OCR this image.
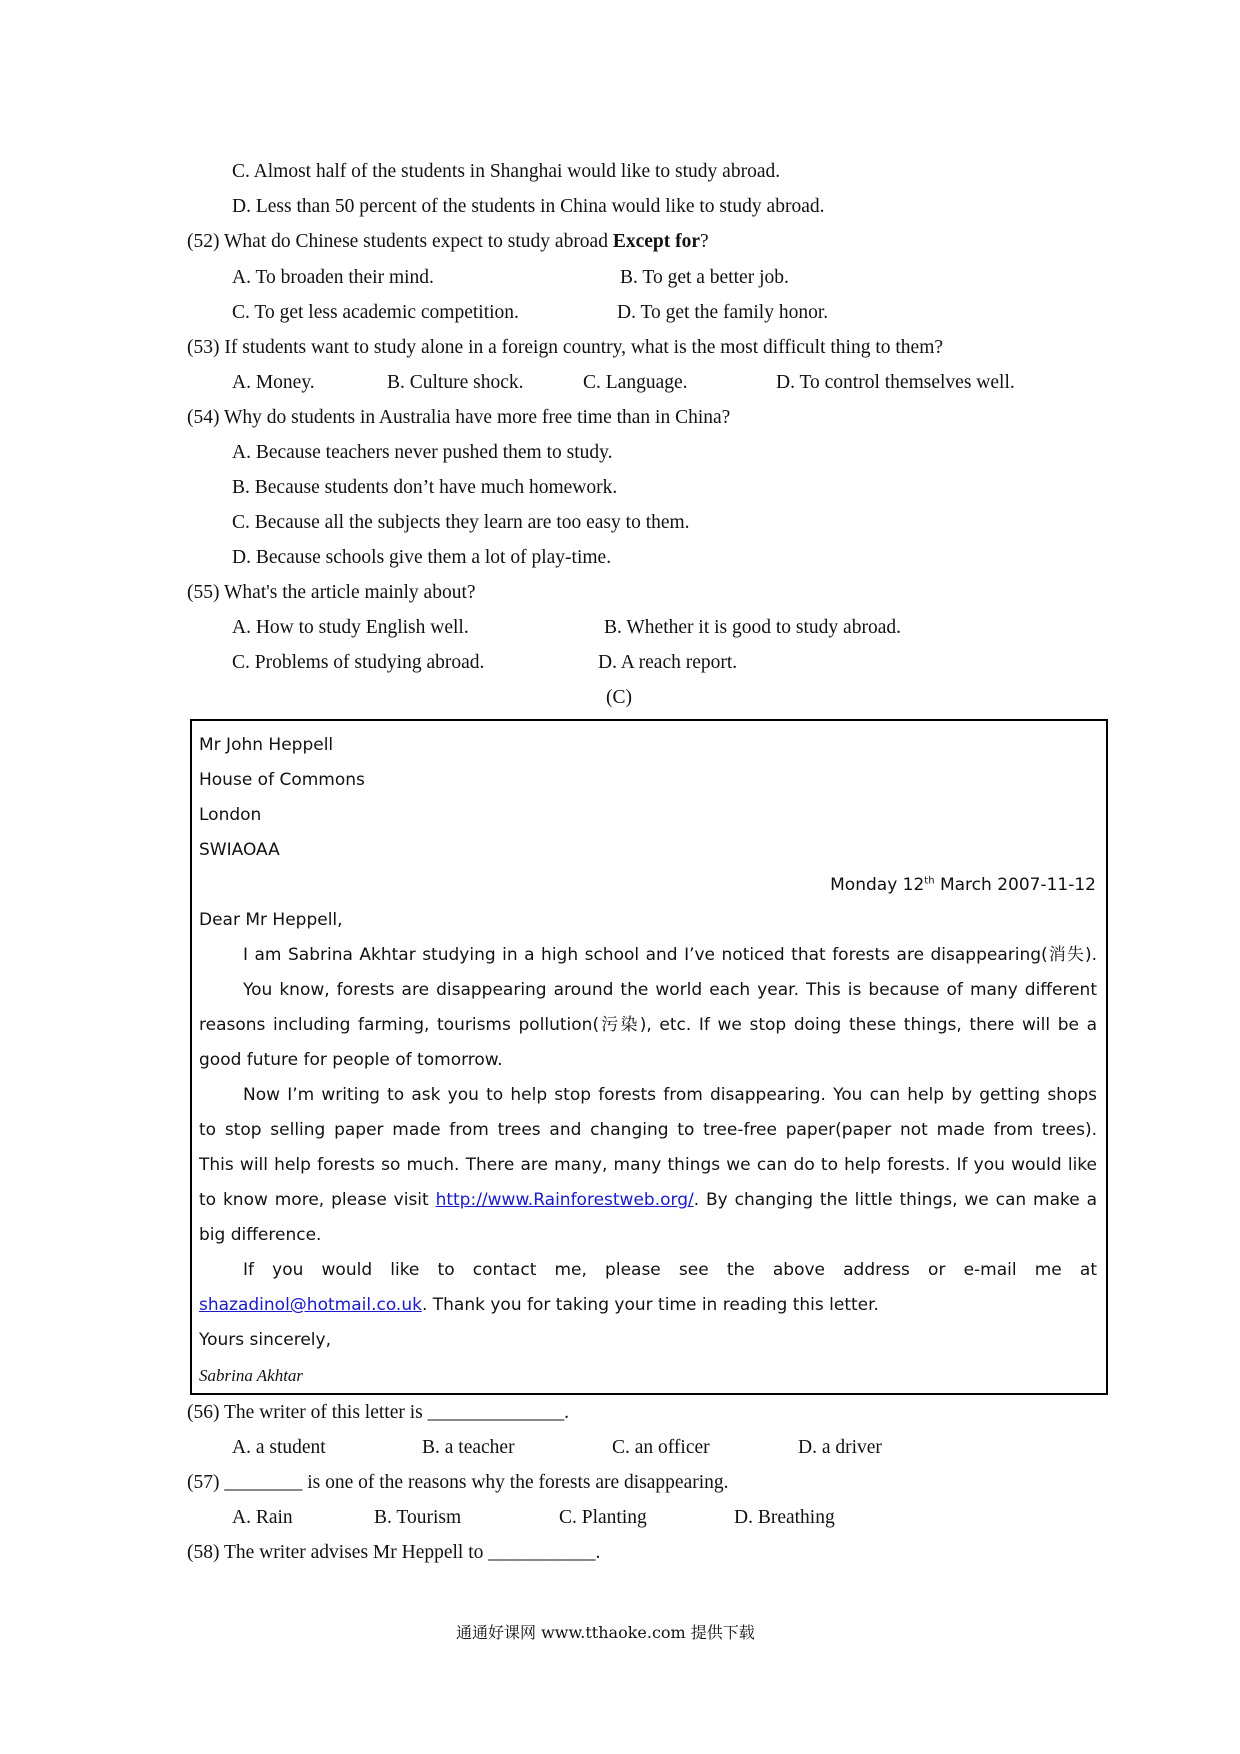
C. Almost half of the students in Shanghai would like to study abroad.
D. Less than 50 percent of the students in China would like to study abroad.
(52) What do Chinese students expect to study abroad Except for?
A. To broaden their mind.	B. To get a better job.
C. To get less academic competition.	D. To get the family honor.
(53) If students want to study alone in a foreign country, what is the most difficult thing to them?
A. Money.	B. Culture shock.	C. Language.	D. To control themselves well.
(54) Why do students in Australia have more free time than in China?
A. Because teachers never pushed them to study.
B. Because students don’t have much homework.
C. Because all the subjects they learn are too easy to them.
D. Because schools give them a lot of play-time.
(55) What's the article mainly about?
A. How to study English well.	B. Whether it is good to study abroad.
C. Problems of studying abroad.	D. A reach report.
(C)
Mr John Heppell
House of Commons
London
SWIAOAA
Monday 12th March 2007-11-12
Dear Mr Heppell,
I am Sabrina Akhtar studying in a high school and I’ve noticed that forests are disappearing(消失).
You know, forests are disappearing around the world each year. This is because of many different
reasons including farming, tourisms pollution(污染), etc. If we stop doing these things, there will be a
good future for people of tomorrow.
Now I’m writing to ask you to help stop forests from disappearing. You can help by getting shops
to stop selling paper made from trees and changing to tree-free paper(paper not made from trees).
This will help forests so much. There are many, many things we can do to help forests. If you would like
to know more, please visit http://www.Rainforestweb.org/. By changing the little things, we can make a
big difference.
If you would like to contact me, please see the above address or e-mail me at
shazadinol@hotmail.co.uk. Thank you for taking your time in reading this letter.
Yours sincerely,
Sabrina Akhtar
(56) The writer of this letter is ______________.
A. a student	B. a teacher	C. an officer	D. a driver
(57) ________ is one of the reasons why the forests are disappearing.
A. Rain	B. Tourism	C. Planting	D. Breathing
(58) The writer advises Mr Heppell to ___________.
通通好课网 www.tthaoke.com 提供下载
